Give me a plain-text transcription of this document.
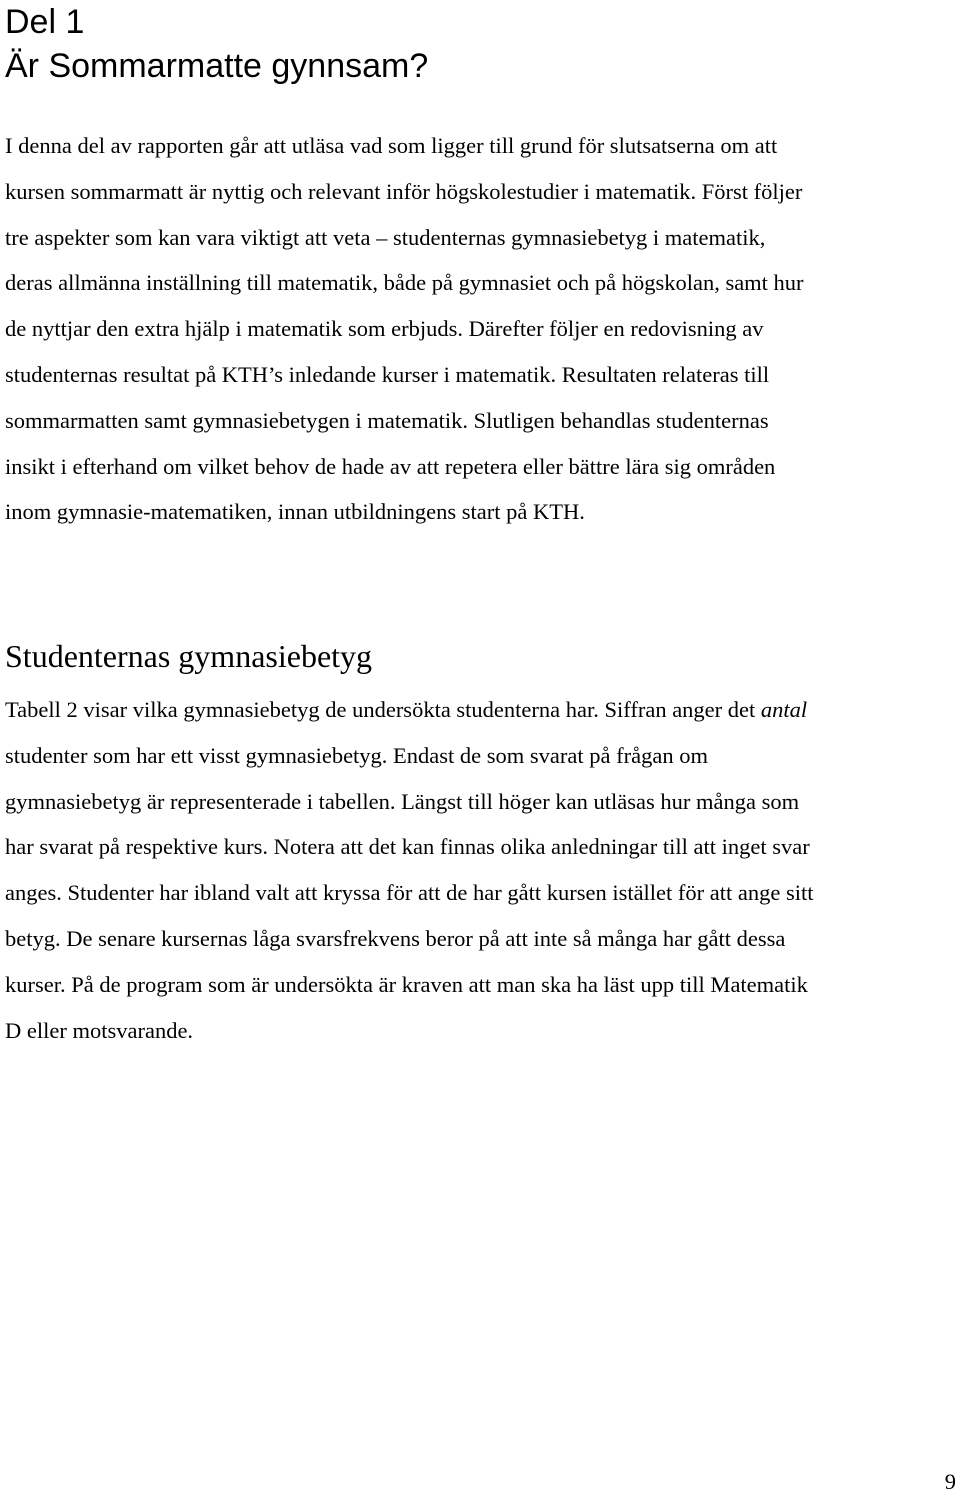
Del 1
Är Sommarmatte gynnsam?

I denna del av rapporten går att utläsa vad som ligger till grund för slutsatserna om att
kursen sommarmatt är nyttig och relevant inför högskolestudier i matematik. Först följer
tre aspekter som kan vara viktigt att veta – studenternas gymnasiebetyg i matematik,
deras allmänna inställning till matematik, både på gymnasiet och på högskolan, samt hur
de nyttjar den extra hjälp i matematik som erbjuds. Därefter följer en redovisning av
studenternas resultat på KTH’s inledande kurser i matematik. Resultaten relateras till
sommarmatten samt gymnasiebetygen i matematik. Slutligen behandlas studenternas
insikt i efterhand om vilket behov de hade av att repetera eller bättre lära sig områden
inom gymnasie-matematiken, innan utbildningens start på KTH.

Studenternas gymnasiebetyg

Tabell 2 visar vilka gymnasiebetyg de undersökta studenterna har. Siffran anger det antal
studenter som har ett visst gymnasiebetyg. Endast de som svarat på frågan om
gymnasiebetyg är representerade i tabellen. Längst till höger kan utläsas hur många som
har svarat på respektive kurs. Notera att det kan finnas olika anledningar till att inget svar
anges. Studenter har ibland valt att kryssa för att de har gått kursen istället för att ange sitt
betyg. De senare kursernas låga svarsfrekvens beror på att inte så många har gått dessa
kurser. På de program som är undersökta är kraven att man ska ha läst upp till Matematik
D eller motsvarande.

9
